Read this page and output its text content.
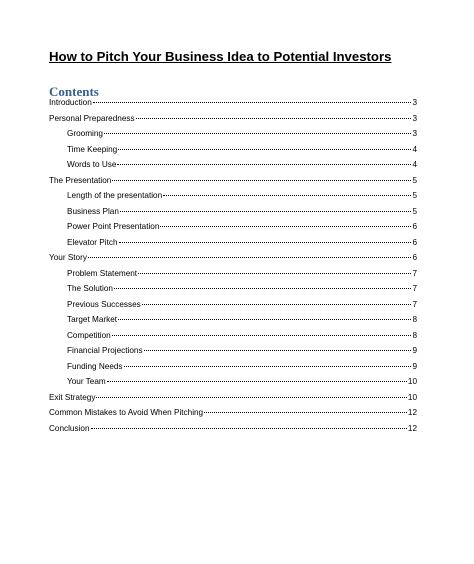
How to Pitch Your Business Idea to Potential Investors
Contents
Introduction	3
Personal Preparedness	3
Grooming	3
Time Keeping	4
Words to Use	4
The Presentation	5
Length of the presentation	5
Business Plan	5
Power Point Presentation	6
Elevator Pitch	6
Your Story	6
Problem Statement	7
The Solution	7
Previous Successes	7
Target Market	8
Competition	8
Financial Projections	9
Funding Needs	9
Your Team	10
Exit Strategy	10
Common Mistakes to Avoid When Pitching	12
Conclusion	12
